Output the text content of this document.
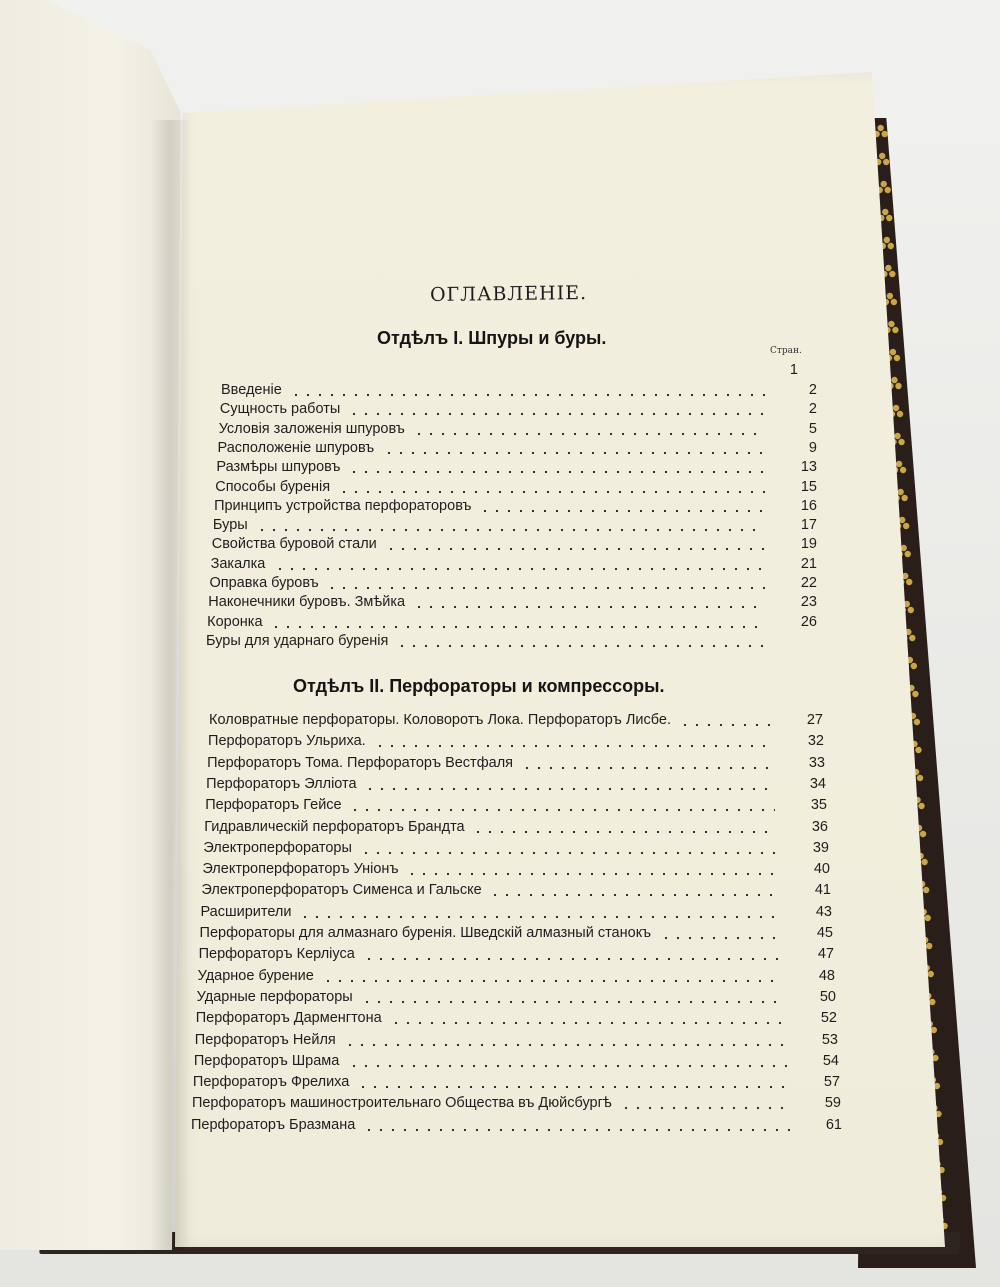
ОГЛАВЛЕНІЕ.
Отдѣлъ I. Шпуры и буры.
Стран.
1
Введеніе	2
Сущность работы	2
Условія заложенія шпуровъ	5
Расположеніе шпуровъ	9
Размѣры шпуровъ	13
Способы буренія	15
Принципъ устройства перфораторовъ	16
Буры	17
Свойства буровой стали	19
Закалка	21
Оправка буровъ	22
Наконечники буровъ. Змѣйка	23
Коронка	26
Буры для ударнаго буренія
Отдѣлъ II. Перфораторы и компрессоры.
Коловратные перфораторы. Коловоротъ Лока. Перфораторъ Лисбе.	27
Перфораторъ Ульриха.	32
Перфораторъ Тома. Перфораторъ Вестфаля	33
Перфораторъ Эллiота	34
Перфораторъ Гейсе	35
Гидравлическій перфораторъ Брандта	36
Электроперфораторы	39
Электроперфораторъ Уніонъ	40
Электроперфораторъ Сименса и Гальске	41
Расширители	43
Перфораторы для алмазнаго буренія. Шведскій алмазный станокъ	45
Перфораторъ Керліуса	47
Ударное бурение	48
Ударные перфораторы	50
Перфораторъ Дарменгтона	52
Перфораторъ Нейля	53
Перфораторъ Шрама	54
Перфораторъ Фрелиха	57
Перфораторъ машиностроительнаго Общества въ Дюйсбургѣ	59
Перфораторъ Бразмана	61
